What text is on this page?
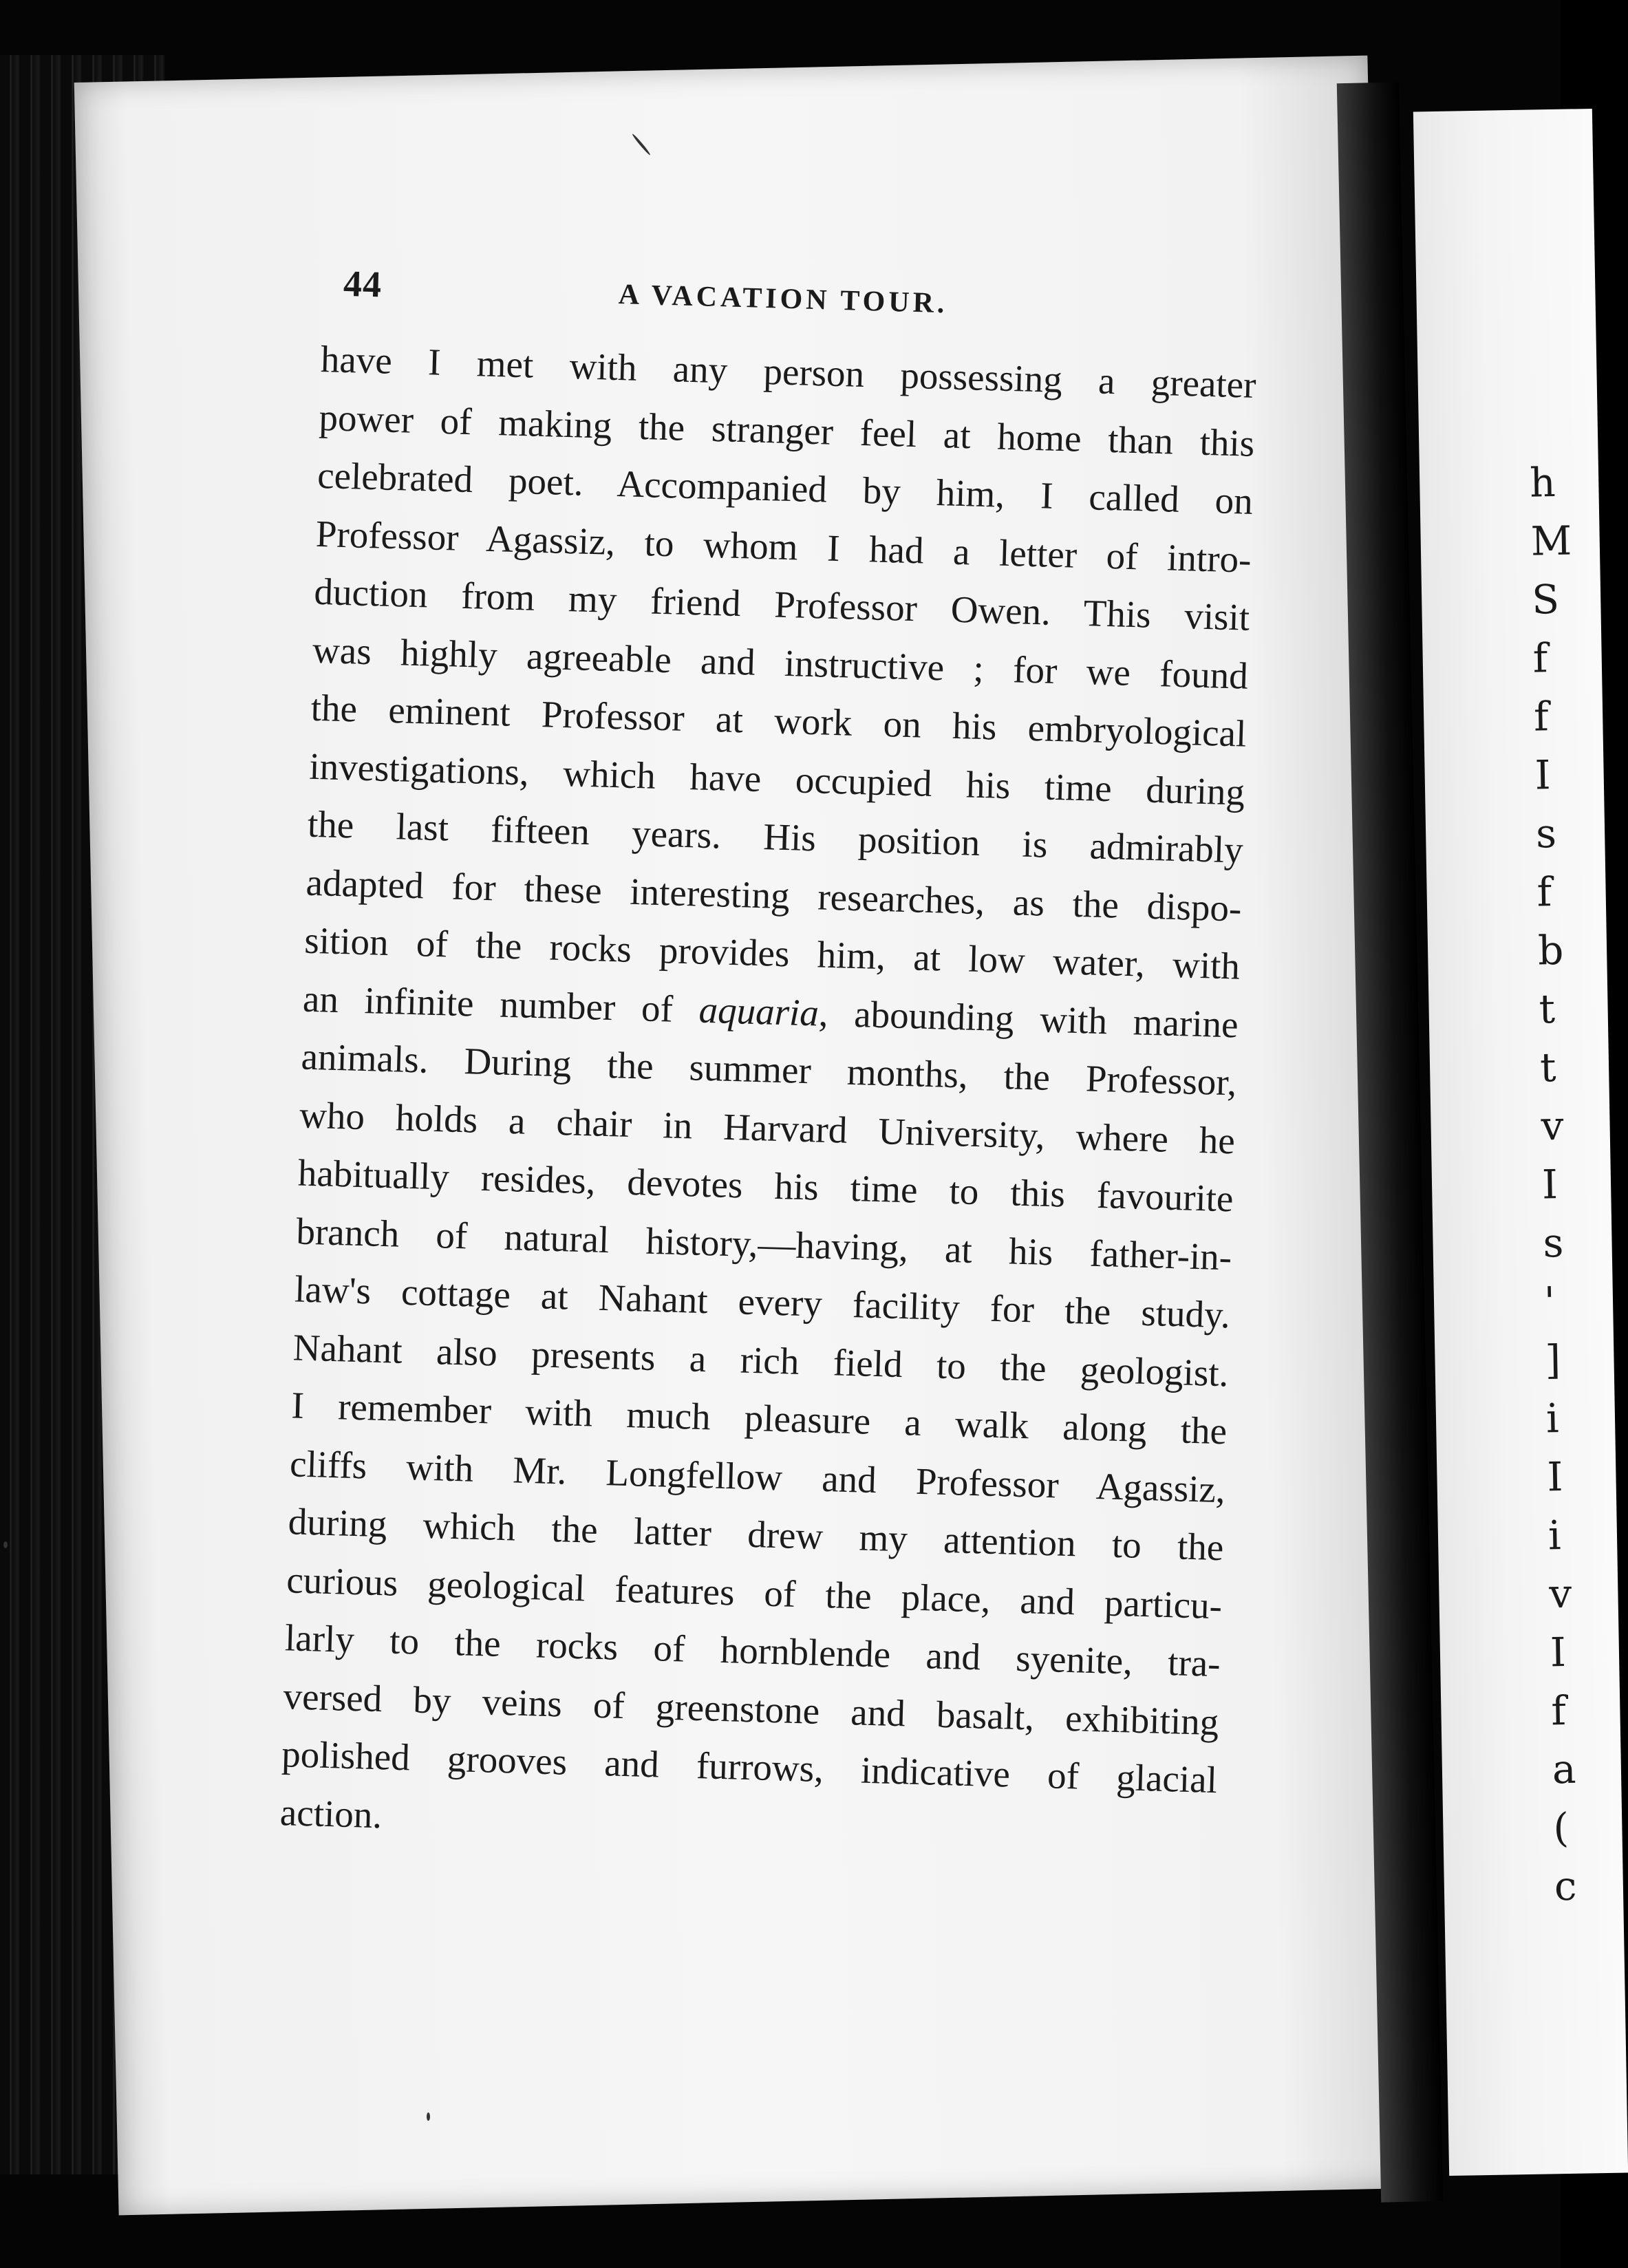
h
M
S
f
f
I
s
f
b
t
t
v
I
s
'
]
i
I
i
v
I
f
a
(
c
44	A VACATION TOUR.
have I met with any person possessing a greater
power of making the stranger feel at home than this
celebrated poet. Accompanied by him, I called on
Professor Agassiz, to whom I had a letter of intro-
duction from my friend Professor Owen. This visit
was highly agreeable and instructive ; for we found
the eminent Professor at work on his embryological
investigations, which have occupied his time during
the last fifteen years. His position is admirably
adapted for these interesting researches, as the dispo-
sition of the rocks provides him, at low water, with
an infinite number of aquaria, abounding with marine
animals. During the summer months, the Professor,
who holds a chair in Harvard University, where he
habitually resides, devotes his time to this favourite
branch of natural history,—having, at his father-in-
law's cottage at Nahant every facility for the study.
Nahant also presents a rich field to the geologist.
I remember with much pleasure a walk along the
cliffs with Mr. Longfellow and Professor Agassiz,
during which the latter drew my attention to the
curious geological features of the place, and particu-
larly to the rocks of hornblende and syenite, tra-
versed by veins of greenstone and basalt, exhibiting
polished grooves and furrows, indicative of glacial
action.
